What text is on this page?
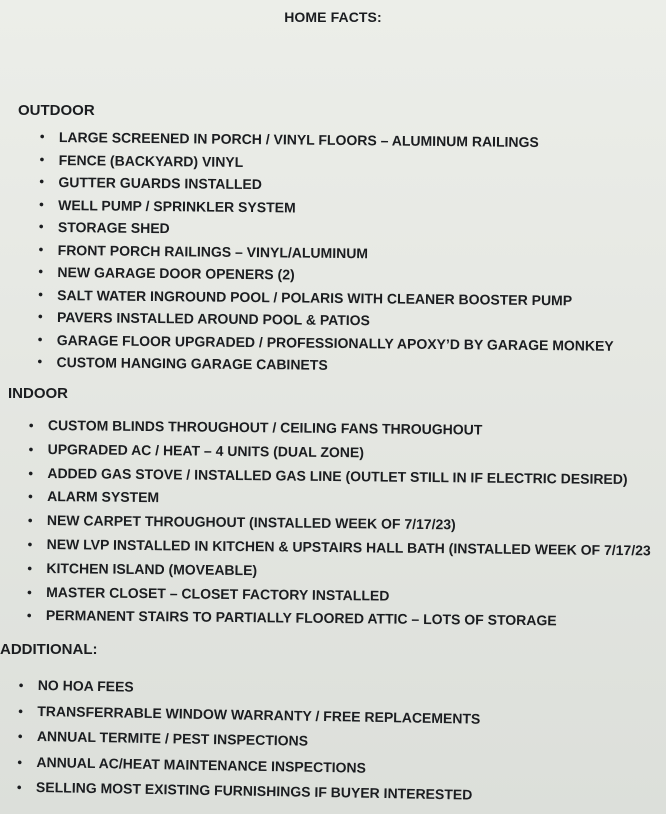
HOME FACTS:
OUTDOOR
• LARGE SCREENED IN PORCH / VINYL FLOORS – ALUMINUM RAILINGS
• FENCE (BACKYARD) VINYL
• GUTTER GUARDS INSTALLED
• WELL PUMP / SPRINKLER SYSTEM
• STORAGE SHED
• FRONT PORCH RAILINGS – VINYL/ALUMINUM
• NEW GARAGE DOOR OPENERS (2)
• SALT WATER INGROUND POOL / POLARIS WITH CLEANER BOOSTER PUMP
• PAVERS INSTALLED AROUND POOL & PATIOS
• GARAGE FLOOR UPGRADED / PROFESSIONALLY APOXY’D BY GARAGE MONKEY
• CUSTOM HANGING GARAGE CABINETS
INDOOR
• CUSTOM BLINDS THROUGHOUT / CEILING FANS THROUGHOUT
• UPGRADED AC / HEAT – 4 UNITS (DUAL ZONE)
• ADDED GAS STOVE / INSTALLED GAS LINE (OUTLET STILL IN IF ELECTRIC DESIRED)
• ALARM SYSTEM
• NEW CARPET THROUGHOUT (INSTALLED WEEK OF 7/17/23)
• NEW LVP INSTALLED IN KITCHEN & UPSTAIRS HALL BATH (INSTALLED WEEK OF 7/17/23
• KITCHEN ISLAND (MOVEABLE)
• MASTER CLOSET – CLOSET FACTORY INSTALLED
• PERMANENT STAIRS TO PARTIALLY FLOORED ATTIC – LOTS OF STORAGE
ADDITIONAL:
• NO HOA FEES
• TRANSFERRABLE WINDOW WARRANTY / FREE REPLACEMENTS
• ANNUAL TERMITE / PEST INSPECTIONS
• ANNUAL AC/HEAT MAINTENANCE INSPECTIONS
• SELLING MOST EXISTING FURNISHINGS IF BUYER INTERESTED
